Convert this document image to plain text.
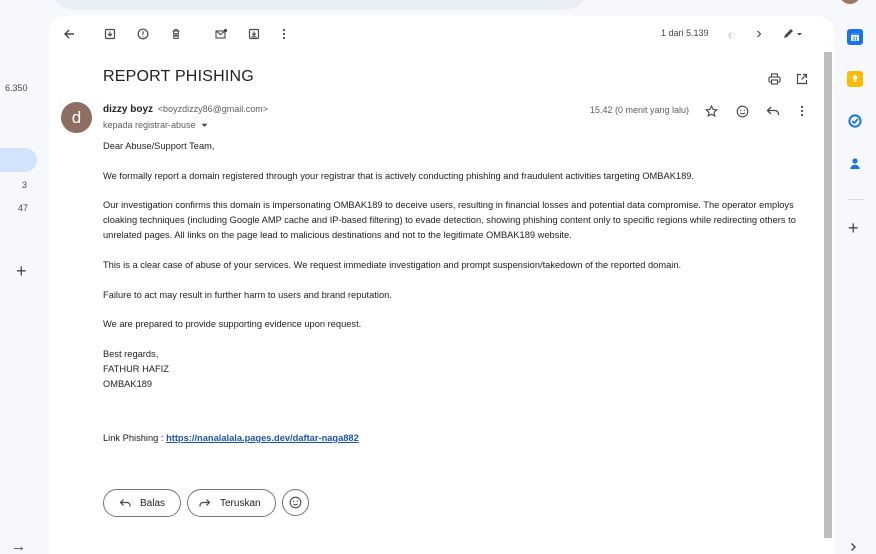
6.350
3
47
+
→
1 dari 5.139	‹	›
REPORT PHISHING
d	dizzy boyz <boyzdizzy86@gmail.com>
kepada registrar-abuse
15.42 (0 menit yang lalu)

Dear Abuse/Support Team,

We formally report a domain registered through your registrar that is actively conducting phishing and fraudulent activities targeting OMBAK189.

Our investigation confirms this domain is impersonating OMBAK189 to deceive users, resulting in financial losses and potential data compromise. The operator employs cloaking techniques (including Google AMP cache and IP-based filtering) to evade detection, showing phishing content only to specific regions while redirecting others to unrelated pages. All links on the page lead to malicious destinations and not to the legitimate OMBAK189 website.

This is a clear case of abuse of your services. We request immediate investigation and prompt suspension/takedown of the reported domain.

Failure to act may result in further harm to users and brand reputation.

We are prepared to provide supporting evidence upon request.

Best regards,
FATHUR HAFIZ
OMBAK189

Link Phishing : https://nanalalala.pages.dev/daftar-naga882
Balas	Teruskan
31
+
